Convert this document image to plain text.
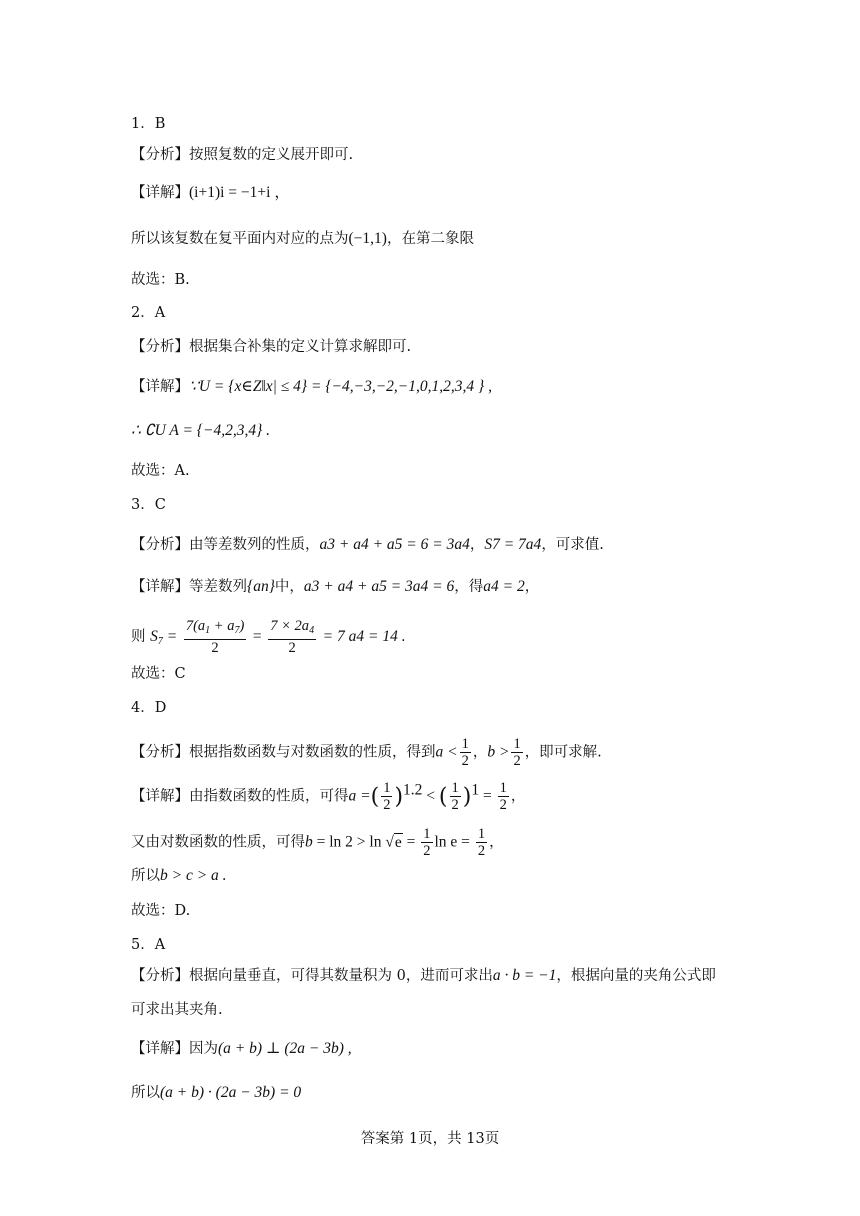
1．B
【分析】按照复数的定义展开即可.
【详解】(i+1)i = −1+i ，
所以该复数在复平面内对应的点为(−1,1)，在第二象限
故选：B.
2．A
【分析】根据集合补集的定义计算求解即可.
【详解】∵U = {x∈Z‖x| ≤ 4} = {−4,−3,−2,−1,0,1,2,3,4 } ,
∴ ∁U A = {−4,2,3,4} .
故选：A.
3．C
【分析】由等差数列的性质，a3 + a4 + a5 = 6 = 3a4，S7 = 7a4，可求值.
【详解】等差数列{an}中，a3 + a4 + a5 = 3a4 = 6，得a4 = 2，
则 $S_7 = \frac{7(a_1 + a_7)}{2} = \frac{7 \times 2a_4}{2} = 7$ a4 = 14 .
故选：C
4．D
【分析】根据指数函数与对数函数的性质，得到$a < \frac{1}{2}$ ，$b > \frac{1}{2}$ ，即可求解.
【详解】由指数函数的性质，可得a =( $\frac{1}{2} )^{1.2}$ < ( $\frac{1}{2} )^1 = \frac{1}{2}$ ，
又由对数函数的性质，可得$b = \ln 2 > \ln √e = \frac{1}{2}$ $\ln e = \frac{1}{2}$ ，
所以b > c > a .
故选：D.
5．A
【分析】根据向量垂直，可得其数量积为 0，进而可求出a · b = −1，根据向量的夹角公式即
可求出其夹角.
【详解】因为(a + b) ⊥ (2a − 3b) ,
所以(a + b) · (2a − 3b) = 0
答案第 1页，共 13页
